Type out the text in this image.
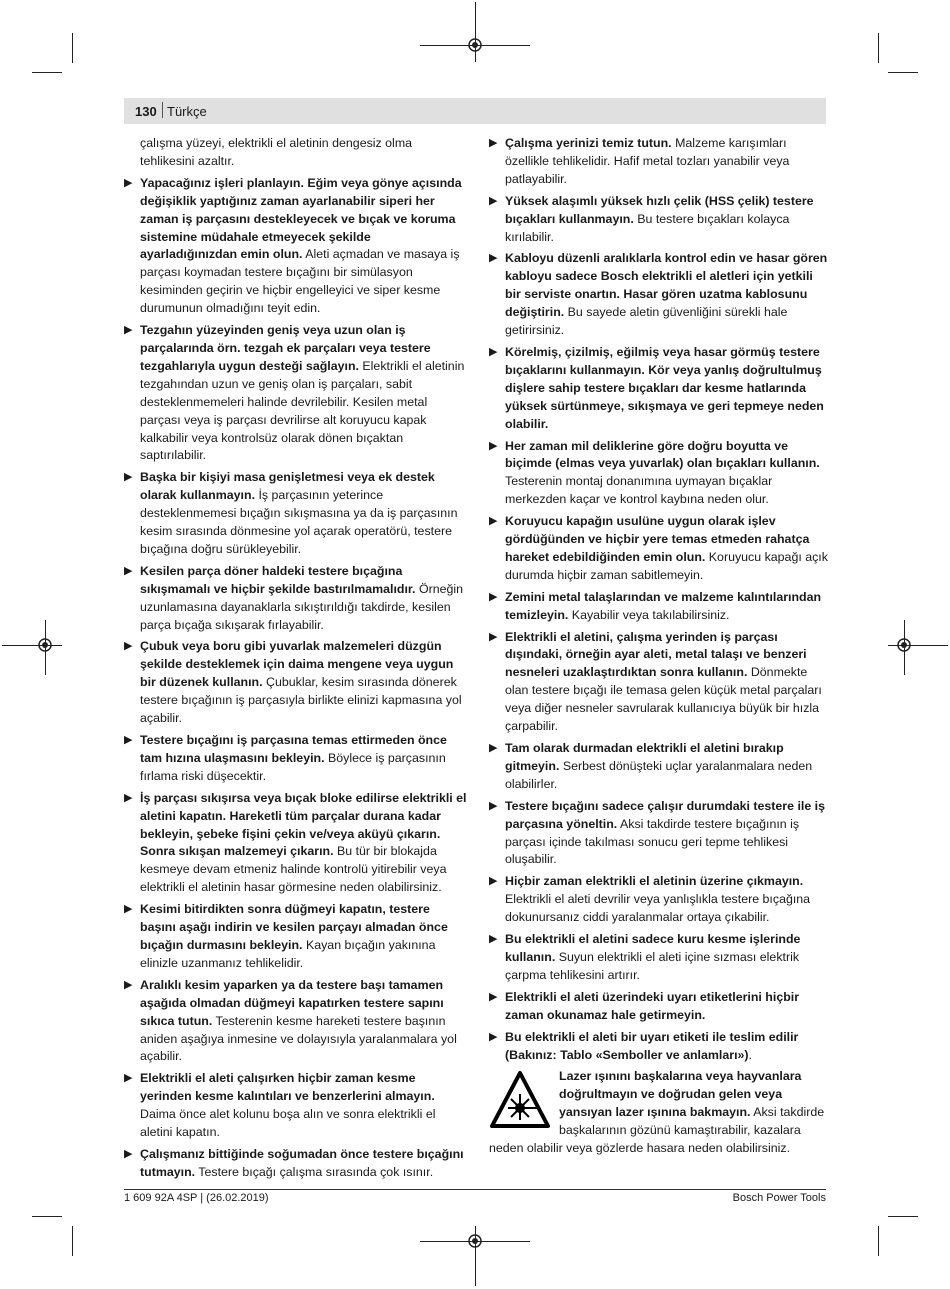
130 Türkçe

çalışma yüzeyi, elektrikli el aletinin dengesiz olma tehlikesini azaltır.

▶ Yapacağınız işleri planlayın. Eğim veya gönye açısında değişiklik yaptığınız zaman ayarlanabilir siperi her zaman iş parçasını destekleyecek ve bıçak ve koruma sistemine müdahale etmeyecek şekilde ayarladığınızdan emin olun. Aleti açmadan ve masaya iş parçası koymadan testere bıçağını bir simülasyon kesiminden geçirin ve hiçbir engelleyici ve siper kesme durumunun olmadığını teyit edin.
▶ Tezgahın yüzeyinden geniş veya uzun olan iş parçalarında örn. tezgah ek parçaları veya testere tezgahlarıyla uygun desteği sağlayın. Elektrikli el aletinin tezgahından uzun ve geniş olan iş parçaları, sabit desteklenmemeleri halinde devrilebilir. Kesilen metal parçası veya iş parçası devrilirse alt koruyucu kapak kalkabilir veya kontrolsüz olarak dönen bıçaktan saptırılabilir.
▶ Başka bir kişiyi masa genişletmesi veya ek destek olarak kullanmayın. İş parçasının yeterince desteklenmemesi bıçağın sıkışmasına ya da iş parçasının kesim sırasında dönmesine yol açarak operatörü, testere bıçağına doğru sürükleyebilir.
▶ Kesilen parça döner haldeki testere bıçağına sıkışmamalı ve hiçbir şekilde bastırılmamalıdır. Örneğin uzunlamasına dayanaklarla sıkıştırıldığı takdirde, kesilen parça bıçağa sıkışarak fırlayabilir.
▶ Çubuk veya boru gibi yuvarlak malzemeleri düzgün şekilde desteklemek için daima mengene veya uygun bir düzenek kullanın. Çubuklar, kesim sırasında dönerek testere bıçağının iş parçasıyla birlikte elinizi kapmasına yol açabilir.
▶ Testere bıçağını iş parçasına temas ettirmeden önce tam hızına ulaşmasını bekleyin. Böylece iş parçasının fırlama riski düşecektir.
▶ İş parçası sıkışırsa veya bıçak bloke edilirse elektrikli el aletini kapatın. Hareketli tüm parçalar durana kadar bekleyin, şebeke fişini çekin ve/veya aküyü çıkarın. Sonra sıkışan malzemeyi çıkarın. Bu tür bir blokajda kesmeye devam etmeniz halinde kontrolü yitirebilir veya elektrikli el aletinin hasar görmesine neden olabilirsiniz.
▶ Kesimi bitirdikten sonra düğmeyi kapatın, testere başını aşağı indirin ve kesilen parçayı almadan önce bıçağın durmasını bekleyin. Kayan bıçağın yakınına elinizle uzanmanız tehlikelidir.
▶ Aralıklı kesim yaparken ya da testere başı tamamen aşağıda olmadan düğmeyi kapatırken testere sapını sıkıca tutun. Testerenin kesme hareketi testere başının aniden aşağıya inmesine ve dolayısıyla yaralanmalara yol açabilir.
▶ Elektrikli el aleti çalışırken hiçbir zaman kesme yerinden kesme kalıntıları ve benzerlerini almayın. Daima önce alet kolunu boşa alın ve sonra elektrikli el aletini kapatın.
▶ Çalışmanız bittiğinde soğumadan önce testere bıçağını tutmayın. Testere bıçağı çalışma sırasında çok ısınır.
▶ Çalışma yerinizi temiz tutun. Malzeme karışımları özellikle tehlikelidir. Hafif metal tozları yanabilir veya patlayabilir.
▶ Yüksek alaşımlı yüksek hızlı çelik (HSS çelik) testere bıçakları kullanmayın. Bu testere bıçakları kolayca kırılabilir.
▶ Kabloyu düzenli aralıklarla kontrol edin ve hasar gören kabloyu sadece Bosch elektrikli el aletleri için yetkili bir serviste onartın. Hasar gören uzatma kablosunu değiştirin. Bu sayede aletin güvenliğini sürekli hale getirirsiniz.
▶ Körelmiş, çizilmiş, eğilmiş veya hasar görmüş testere bıçaklarını kullanmayın. Kör veya yanlış doğrultulmuş dişlere sahip testere bıçakları dar kesme hatlarında yüksek sürtünmeye, sıkışmaya ve geri tepmeye neden olabilir.
▶ Her zaman mil deliklerine göre doğru boyutta ve biçimde (elmas veya yuvarlak) olan bıçakları kullanın. Testerenin montaj donanımına uymayan bıçaklar merkezden kaçar ve kontrol kaybına neden olur.
▶ Koruyucu kapağın usulüne uygun olarak işlev gördüğünden ve hiçbir yere temas etmeden rahatça hareket edebildiğinden emin olun. Koruyucu kapağı açık durumda hiçbir zaman sabitlemeyin.
▶ Zemini metal talaşlarından ve malzeme kalıntılarından temizleyin. Kayabilir veya takılabilirsiniz.
▶ Elektrikli el aletini, çalışma yerinden iş parçası dışındaki, örneğin ayar aleti, metal talaşı ve benzeri nesneleri uzaklaştırdıktan sonra kullanın. Dönmekte olan testere bıçağı ile temasa gelen küçük metal parçaları veya diğer nesneler savrularak kullanıcıya büyük bir hızla çarpabilir.
▶ Tam olarak durmadan elektrikli el aletini bırakıp gitmeyin. Serbest dönüşteki uçlar yaralanmalara neden olabilirler.
▶ Testere bıçağını sadece çalışır durumdaki testere ile iş parçasına yöneltin. Aksi takdirde testere bıçağının iş parçası içinde takılması sonucu geri tepme tehlikesi oluşabilir.
▶ Hiçbir zaman elektrikli el aletinin üzerine çıkmayın. Elektrikli el aleti devrilir veya yanlışlıkla testere bıçağına dokunursanız ciddi yaralanmalar ortaya çıkabilir.
▶ Bu elektrikli el aletini sadece kuru kesme işlerinde kullanın. Suyun elektrikli el aleti içine sızması elektrik çarpma tehlikesini artırır.
▶ Elektrikli el aleti üzerindeki uyarı etiketlerini hiçbir zaman okunamaz hale getirmeyin.
▶ Bu elektrikli el aleti bir uyarı etiketi ile teslim edilir (Bakınız: Tablo «Semboller ve anlamları»).
Lazer ışınını başkalarına veya hayvanlara doğrultmayın ve doğrudan gelen veya yansıyan lazer ışınına bakmayın. Aksi takdirde başkalarının gözünü kamaştırabilir, kazalara neden olabilir veya gözlerde hasara neden olabilirsiniz.
1 609 92A 4SP | (26.02.2019)	Bosch Power Tools
